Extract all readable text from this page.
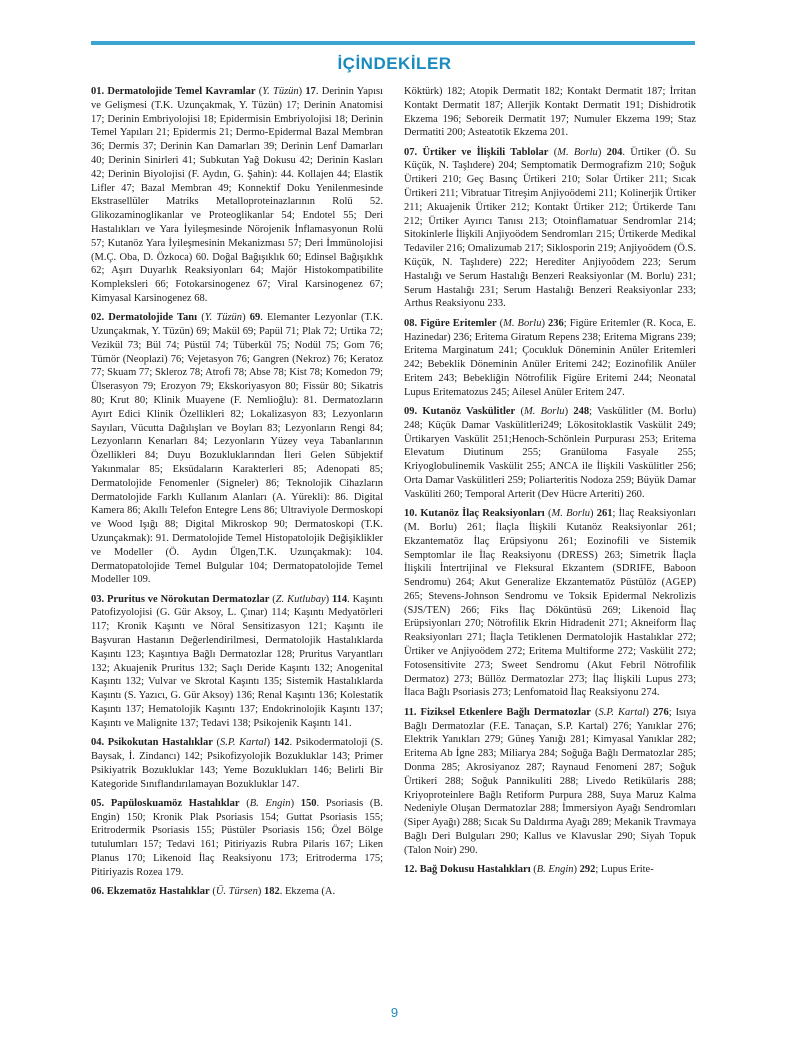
İÇİNDEKİLER

01. Dermatolojide Temel Kavramlar (Y. Tüzün) 17. Derinin Yapısı ve Gelişmesi (T.K. Uzunçakmak, Y. Tüzün) 17; Derinin Anatomisi 17; Derinin Embriyolojisi 18; Epidermisin Embriyolojisi 18; Derinin Temel Yapıları 21; Epidermis 21; Dermo-Epidermal Bazal Membran 36; Dermis 37; Derinin Kan Damarları 39; Derinin Lenf Damarları 40; Derinin Sinirleri 41; Subkutan Yağ Dokusu 42; Derinin Kasları 42; Derinin Biyolojisi (F. Aydın, G. Şahin): 44. Kollajen 44; Elastik Lifler 47; Bazal Membran 49; Konnektif Doku Yenilenmesinde Ekstrasellüler Matriks Metalloproteinazlarının Rolü 52. Glikozaminoglikanlar ve Proteoglikanlar 54; Endotel 55; Deri Hastalıkları ve Yara İyileşmesinde Nörojenik İnflamasyonun Rolü 57; Kutanöz Yara İyileşmesinin Mekanizması 57; Deri İmmünolojisi (M.Ç. Oba, D. Özkoca) 60. Doğal Bağışıklık 60; Edinsel Bağışıklık 62; Aşırı Duyarlık Reaksiyonları 64; Majör Histokompatibilite Kompleksleri 66; Fotokarsinogenez 67; Viral Karsinogenez 67; Kimyasal Karsinogenez 68.

02. Dermatolojide Tanı (Y. Tüzün) 69. Elemanter Lezyonlar (T.K. Uzunçakmak, Y. Tüzün) 69; Makül 69; Papül 71; Plak 72; Urtika 72; Vezikül 73; Bül 74; Püstül 74; Tüberkül 75; Nodül 75; Gom 76; Tümör (Neoplazi) 76; Vejetasyon 76; Gangren (Nekroz) 76; Keratoz 77; Skuam 77; Skleroz 78; Atrofi 78; Abse 78; Kist 78; Komedon 79; Ülserasyon 79; Erozyon 79; Ekskoriyasyon 80; Fissür 80; Sikatris 80; Krut 80; Klinik Muayene (F. Nemlioğlu): 81. Dermatozların Ayırt Edici Klinik Özellikleri 82; Lokalizasyon 83; Lezyonların Sayıları, Vücutta Dağılışları ve Boyları 83; Lezyonların Rengi 84; Lezyonların Kenarları 84; Lezyonların Yüzey veya Tabanlarının Özellikleri 84; Duyu Bozukluklarından İleri Gelen Sübjektif Yakınmalar 85; Eksüdaların Karakterleri 85; Adenopati 85; Dermatolojide Fenomenler (Signeler) 86; Teknolojik Cihazların Dermatolojide Farklı Kullanım Alanları (A. Yürekli): 86. Digital Kamera 86; Akıllı Telefon Entegre Lens 86; Ultraviyole Dermoskopi ve Wood Işığı 88; Digital Mikroskop 90; Dermatoskopi (T.K. Uzunçakmak): 91. Dermatolojide Temel Histopatolojik Değişiklikler ve Modeller (Ö. Aydın Ülgen,T.K. Uzunçakmak): 104. Dermatopatolojide Temel Bulgular 104; Dermatopatolojide Temel Modeller 109.

03. Pruritus ve Nörokutan Dermatozlar (Z. Kutlubay) 114. Kaşıntı Patofizyolojisi (G. Gür Aksoy, L. Çınar) 114; Kaşıntı Medyatörleri 117; Kronik Kaşıntı ve Nöral Sensitizasyon 121; Kaşıntı ile Başvuran Hastanın Değerlendirilmesi, Dermatolojik Hastalıklarda Kaşıntı 123; Kaşıntıya Bağlı Dermatozlar 128; Pruritus Varyantları 132; Akuajenik Pruritus 132; Saçlı Deride Kaşıntı 132; Anogenital Kaşıntı 132; Vulvar ve Skrotal Kaşıntı 135; Sistemik Hastalıklarda Kaşıntı (S. Yazıcı, G. Gür Aksoy) 136; Renal Kaşıntı 136; Kolestatik Kaşıntı 137; Hematolojik Kaşıntı 137; Endokrinolojik Kaşıntı 137; Kaşıntı ve Malignite 137; Tedavi 138; Psikojenik Kaşıntı 141.

04. Psikokutan Hastalıklar (S.P. Kartal) 142. Psikodermatoloji (S. Baysak, İ. Zindancı) 142; Psikofizyolojik Bozukluklar 143; Primer Psikiyatrik Bozukluklar 143; Yeme Bozuklukları 146; Belirli Bir Kategoride Sınıflandırılamayan Bozukluklar 147.

05. Papüloskuamöz Hastalıklar (B. Engin) 150. Psoriasis (B. Engin) 150; Kronik Plak Psoriasis 154; Guttat Psoriasis 155; Eritrodermik Psoriasis 155; Püstüler Psoriasis 156; Özel Bölge tutulumları 157; Tedavi 161; Pitiriyazis Rubra Pilaris 167; Liken Planus 170; Likenoid İlaç Reaksiyonu 173; Eritroderma 175; Pitiriyazis Rozea 179.

06. Ekzematöz Hastalıklar (Ü. Türsen) 182. Ekzema (A.

Köktürk) 182; Atopik Dermatit 182; Kontakt Dermatit 187; İrritan Kontakt Dermatit 187; Allerjik Kontakt Dermatit 191; Dishidrotik Ekzema 196; Seboreik Dermatit 197; Numuler Ekzema 199; Staz Dermatiti 200; Asteatotik Ekzema 201.

07. Ürtiker ve İlişkili Tablolar (M. Borlu) 204. Ürtiker (Ö. Su Küçük, N. Taşlıdere) 204; Semptomatik Dermografizm 210; Soğuk Ürtikeri 210; Geç Basınç Ürtikeri 210; Solar Ürtiker 211; Sıcak Ürtikeri 211; Vibratuar Titreşim Anjiyoödemi 211; Kolinerjik Ürtiker 211; Akuajenik Ürtiker 212; Kontakt Ürtiker 212; Ürtikerde Tanı 212; Ürtiker Ayırıcı Tanısı 213; Otoinflamatuar Sendromlar 214; Sitokinlerle İlişkili Anjiyoödem Sendromları 215; Ürtikerde Medikal Tedaviler 216; Omalizumab 217; Siklosporin 219; Anjiyoödem (Ö.S. Küçük, N. Taşlıdere) 222; Herediter Anjiyoödem 223; Serum Hastalığı ve Serum Hastalığı Benzeri Reaksiyonlar (M. Borlu) 231; Serum Hastalığı 231; Serum Hastalığı Benzeri Reaksiyonlar 233; Arthus Reaksiyonu 233.

08. Figüre Eritemler (M. Borlu) 236; Figüre Eritemler (R. Koca, E. Hazinedar) 236; Eritema Giratum Repens 238; Eritema Migrans 239; Eritema Marginatum 241; Çocukluk Döneminin Anüler Eritemleri 242; Bebeklik Döneminin Anüler Eritemi 242; Eozinofilik Anüler Eritem 243; Bebekliğin Nötrofilik Figüre Eritemi 244; Neonatal Lupus Eritematozus 245; Ailesel Anüler Eritem 247.

09. Kutanöz Vaskülitler (M. Borlu) 248; Vaskülitler (M. Borlu) 248; Küçük Damar Vaskülitleri249; Lökositoklastik Vaskülit 249; Ürtikaryen Vaskülit 251;Henoch-Schönlein Purpurası 253; Eritema Elevatum Diutinum 255; Granüloma Fasyale 255; Kriyoglobulinemik Vaskülit 255; ANCA ile İlişkili Vaskülitler 256; Orta Damar Vaskülitleri 259; Poliarteritis Nodoza 259; Büyük Damar Vasküliti 260; Temporal Arterit (Dev Hücre Arteriti) 260.

10. Kutanöz İlaç Reaksiyonları (M. Borlu) 261; İlaç Reaksiyonları (M. Borlu) 261; İlaçla İlişkili Kutanöz Reaksiyonlar 261; Ekzantematöz İlaç Erüpsiyonu 261; Eozinofili ve Sistemik Semptomlar ile İlaç Reaksiyonu (DRESS) 263; Simetrik İlaçla İlişkili İntertrijinal ve Fleksural Ekzantem (SDRIFE, Baboon Sendromu) 264; Akut Generalize Ekzantematöz Püstülöz (AGEP) 265; Stevens-Johnson Sendromu ve Toksik Epidermal Nekrolizis (SJS/TEN) 266; Fiks İlaç Döküntüsü 269; Likenoid İlaç Erüpsiyonları 270; Nötrofilik Ekrin Hidradenit 271; Akneiform İlaç Reaksiyonları 271; İlaçla Tetiklenen Dermatolojik Hastalıklar 272; Ürtiker ve Anjiyoödem 272; Eritema Multiforme 272; Vaskülit 272; Fotosensitivite 273; Sweet Sendromu (Akut Febril Nötrofilik Dermatoz) 273; Büllöz Dermatozlar 273; İlaç İlişkili Lupus 273; İlaca Bağlı Psoriasis 273; Lenfomatoid İlaç Reaksiyonu 274.

11. Fiziksel Etkenlere Bağlı Dermatozlar (S.P. Kartal) 276; Isıya Bağlı Dermatozlar (F.E. Tanaçan, S.P. Kartal) 276; Yanıklar 276; Elektrik Yanıkları 279; Güneş Yanığı 281; Kimyasal Yanıklar 282; Eritema Ab İgne 283; Miliarya 284; Soğuğa Bağlı Dermatozlar 285; Donma 285; Akrosiyanoz 287; Raynaud Fenomeni 287; Soğuk Ürtikeri 288; Soğuk Pannikuliti 288; Livedo Retikülaris 288; Kriyoproteinlere Bağlı Retiform Purpura 288, Suya Maruz Kalma Nedeniyle Oluşan Dermatozlar 288; İmmersiyon Ayağı Sendromları (Siper Ayağı) 288; Sıcak Su Daldırma Ayağı 289; Mekanik Travmaya Bağlı Deri Bulguları 290; Kallus ve Klavuslar 290; Siyah Topuk (Talon Noir) 290.

12. Bağ Dokusu Hastalıkları (B. Engin) 292; Lupus Erite-

9
